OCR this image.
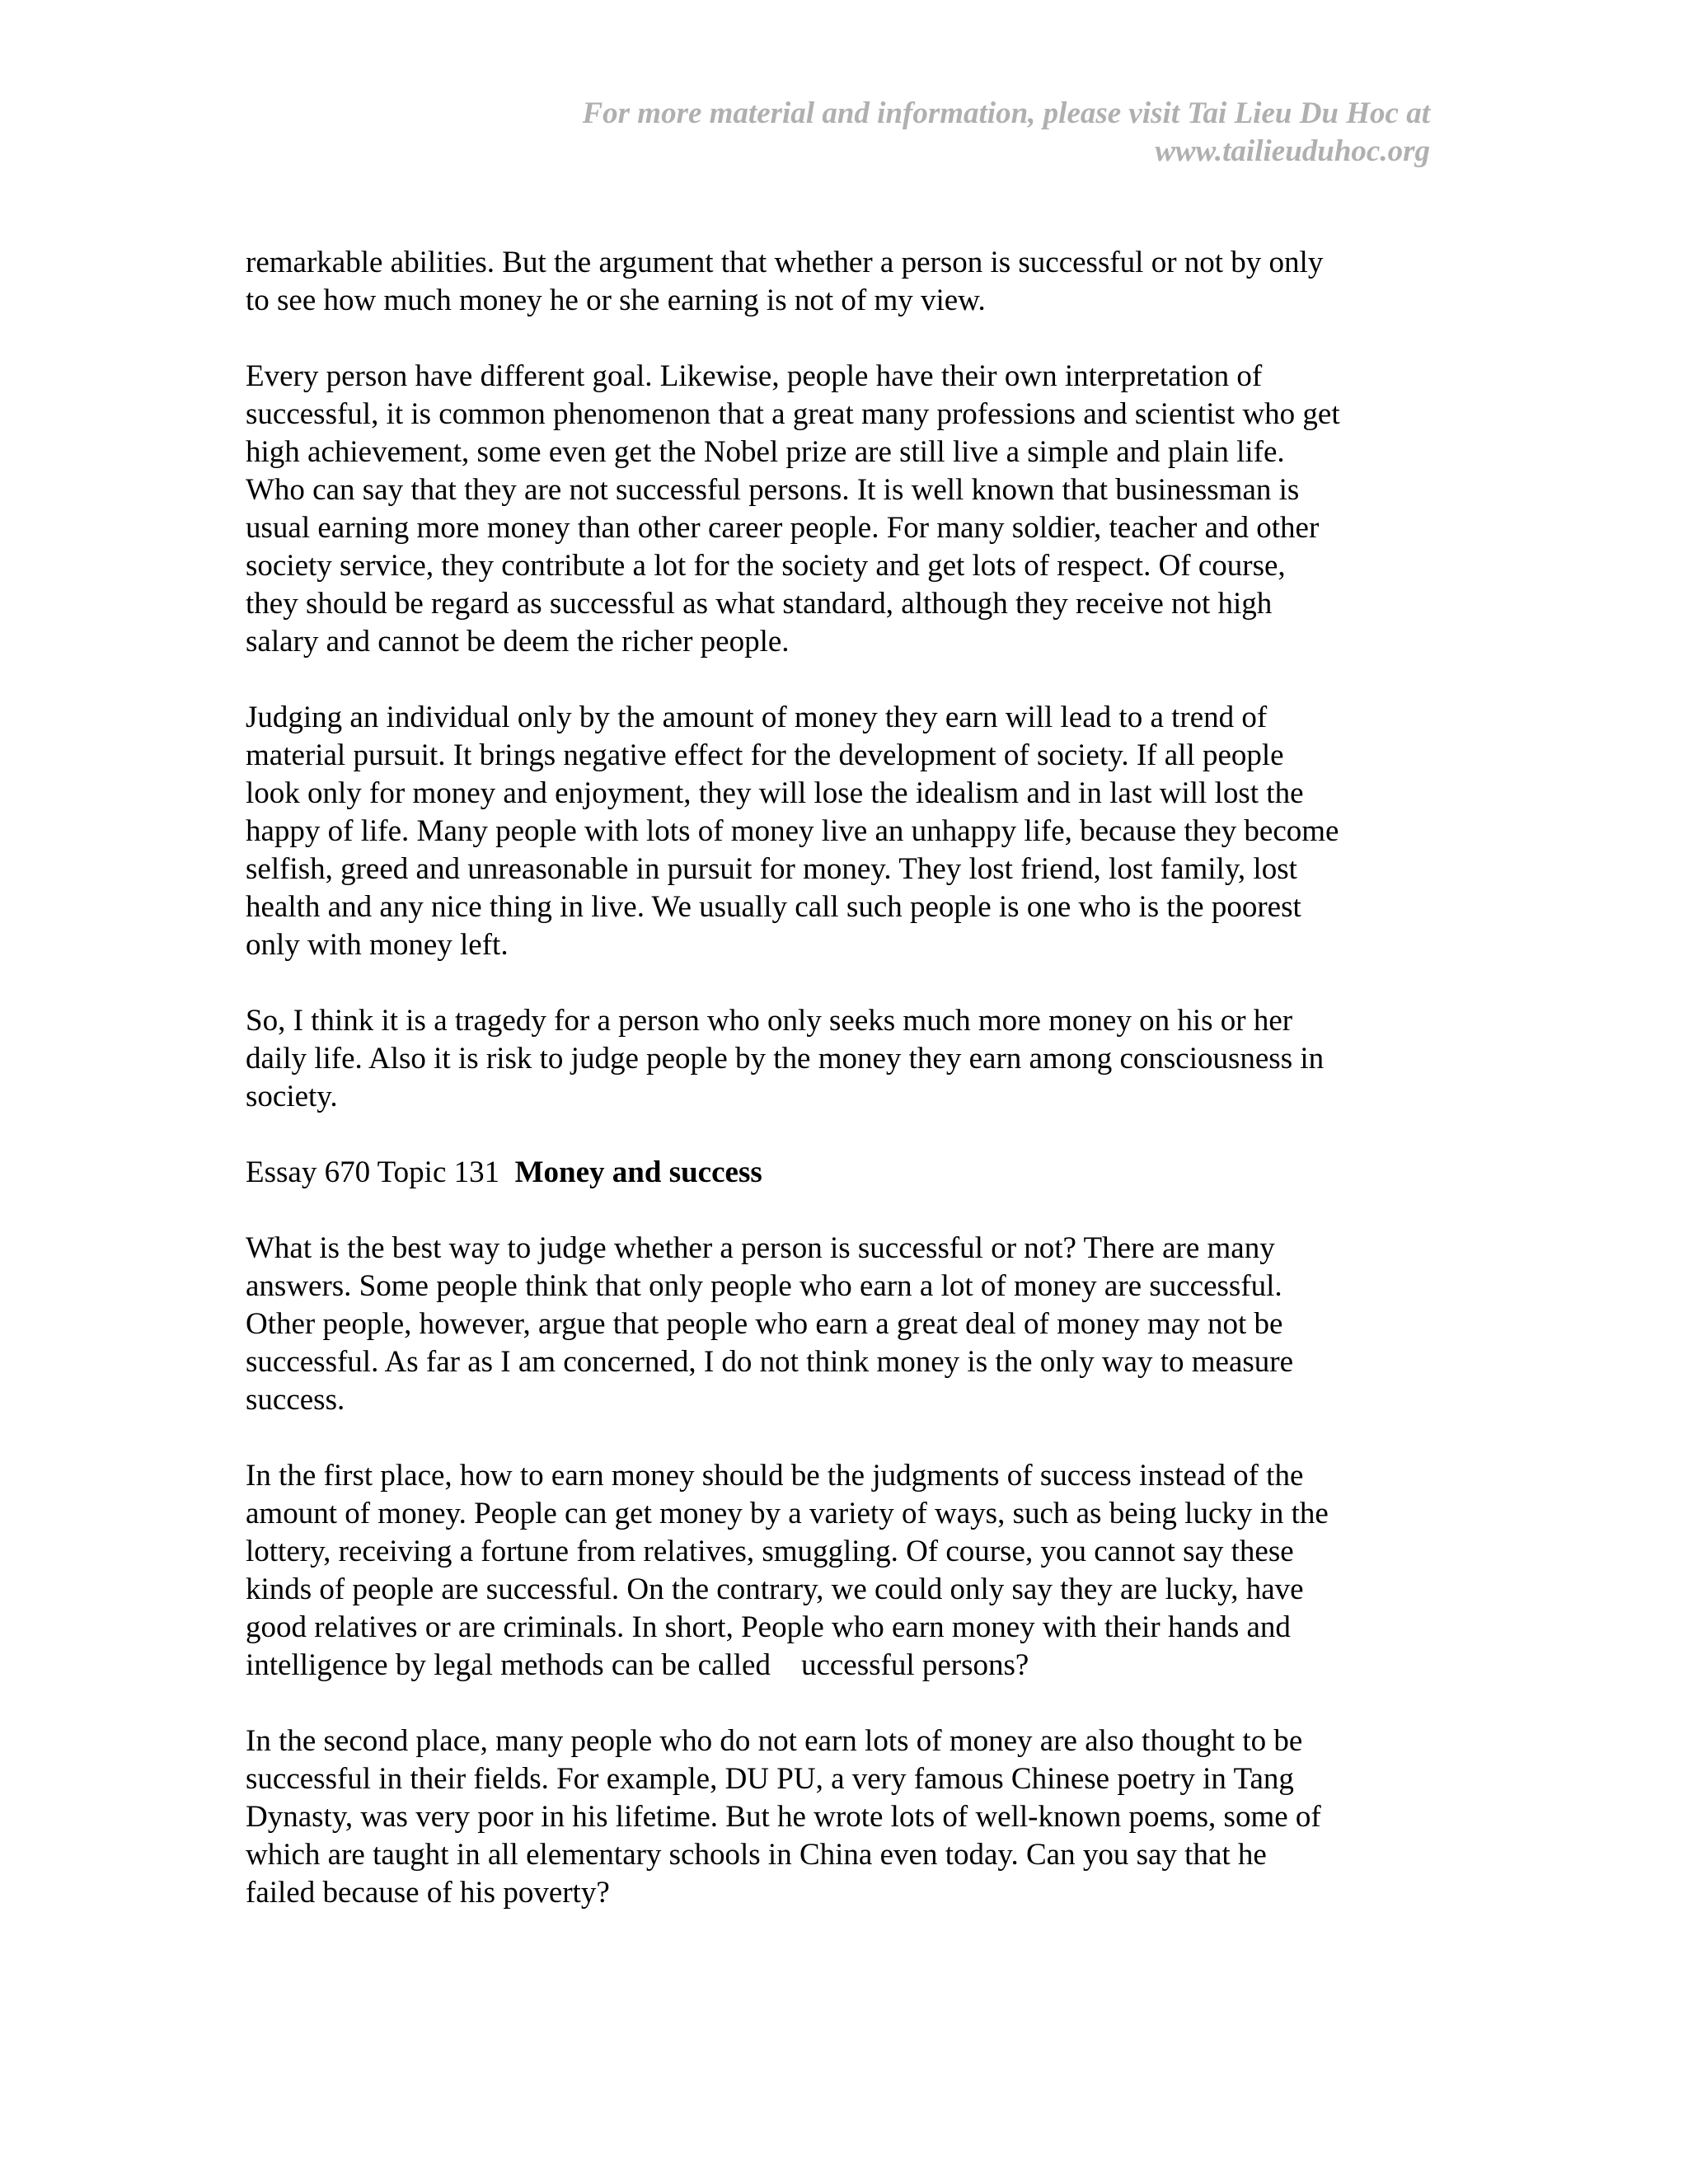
For more material and information, please visit Tai Lieu Du Hoc at
www.tailieuduhoc.org

remarkable abilities. But the argument that whether a person is successful or not by only
to see how much money he or she earning is not of my view.

Every person have different goal. Likewise, people have their own interpretation of
successful, it is common phenomenon that a great many professions and scientist who get
high achievement, some even get the Nobel prize are still live a simple and plain life.
Who can say that they are not successful persons. It is well known that businessman is
usual earning more money than other career people. For many soldier, teacher and other
society service, they contribute a lot for the society and get lots of respect. Of course,
they should be regard as successful as what standard, although they receive not high
salary and cannot be deem the richer people.

Judging an individual only by the amount of money they earn will lead to a trend of
material pursuit. It brings negative effect for the development of society. If all people
look only for money and enjoyment, they will lose the idealism and in last will lost the
happy of life. Many people with lots of money live an unhappy life, because they become
selfish, greed and unreasonable in pursuit for money. They lost friend, lost family, lost
health and any nice thing in live. We usually call such people is one who is the poorest
only with money left.

So, I think it is a tragedy for a person who only seeks much more money on his or her
daily life. Also it is risk to judge people by the money they earn among consciousness in
society.

Essay 670 Topic 131 Money and success

What is the best way to judge whether a person is successful or not? There are many
answers. Some people think that only people who earn a lot of money are successful.
Other people, however, argue that people who earn a great deal of money may not be
successful. As far as I am concerned, I do not think money is the only way to measure
success.

In the first place, how to earn money should be the judgments of success instead of the
amount of money. People can get money by a variety of ways, such as being lucky in the
lottery, receiving a fortune from relatives, smuggling. Of course, you cannot say these
kinds of people are successful. On the contrary, we could only say they are lucky, have
good relatives or are criminals. In short, People who earn money with their hands and
intelligence by legal methods can be called    uccessful persons?

In the second place, many people who do not earn lots of money are also thought to be
successful in their fields. For example, DU PU, a very famous Chinese poetry in Tang
Dynasty, was very poor in his lifetime. But he wrote lots of well-known poems, some of
which are taught in all elementary schools in China even today. Can you say that he
failed because of his poverty?
